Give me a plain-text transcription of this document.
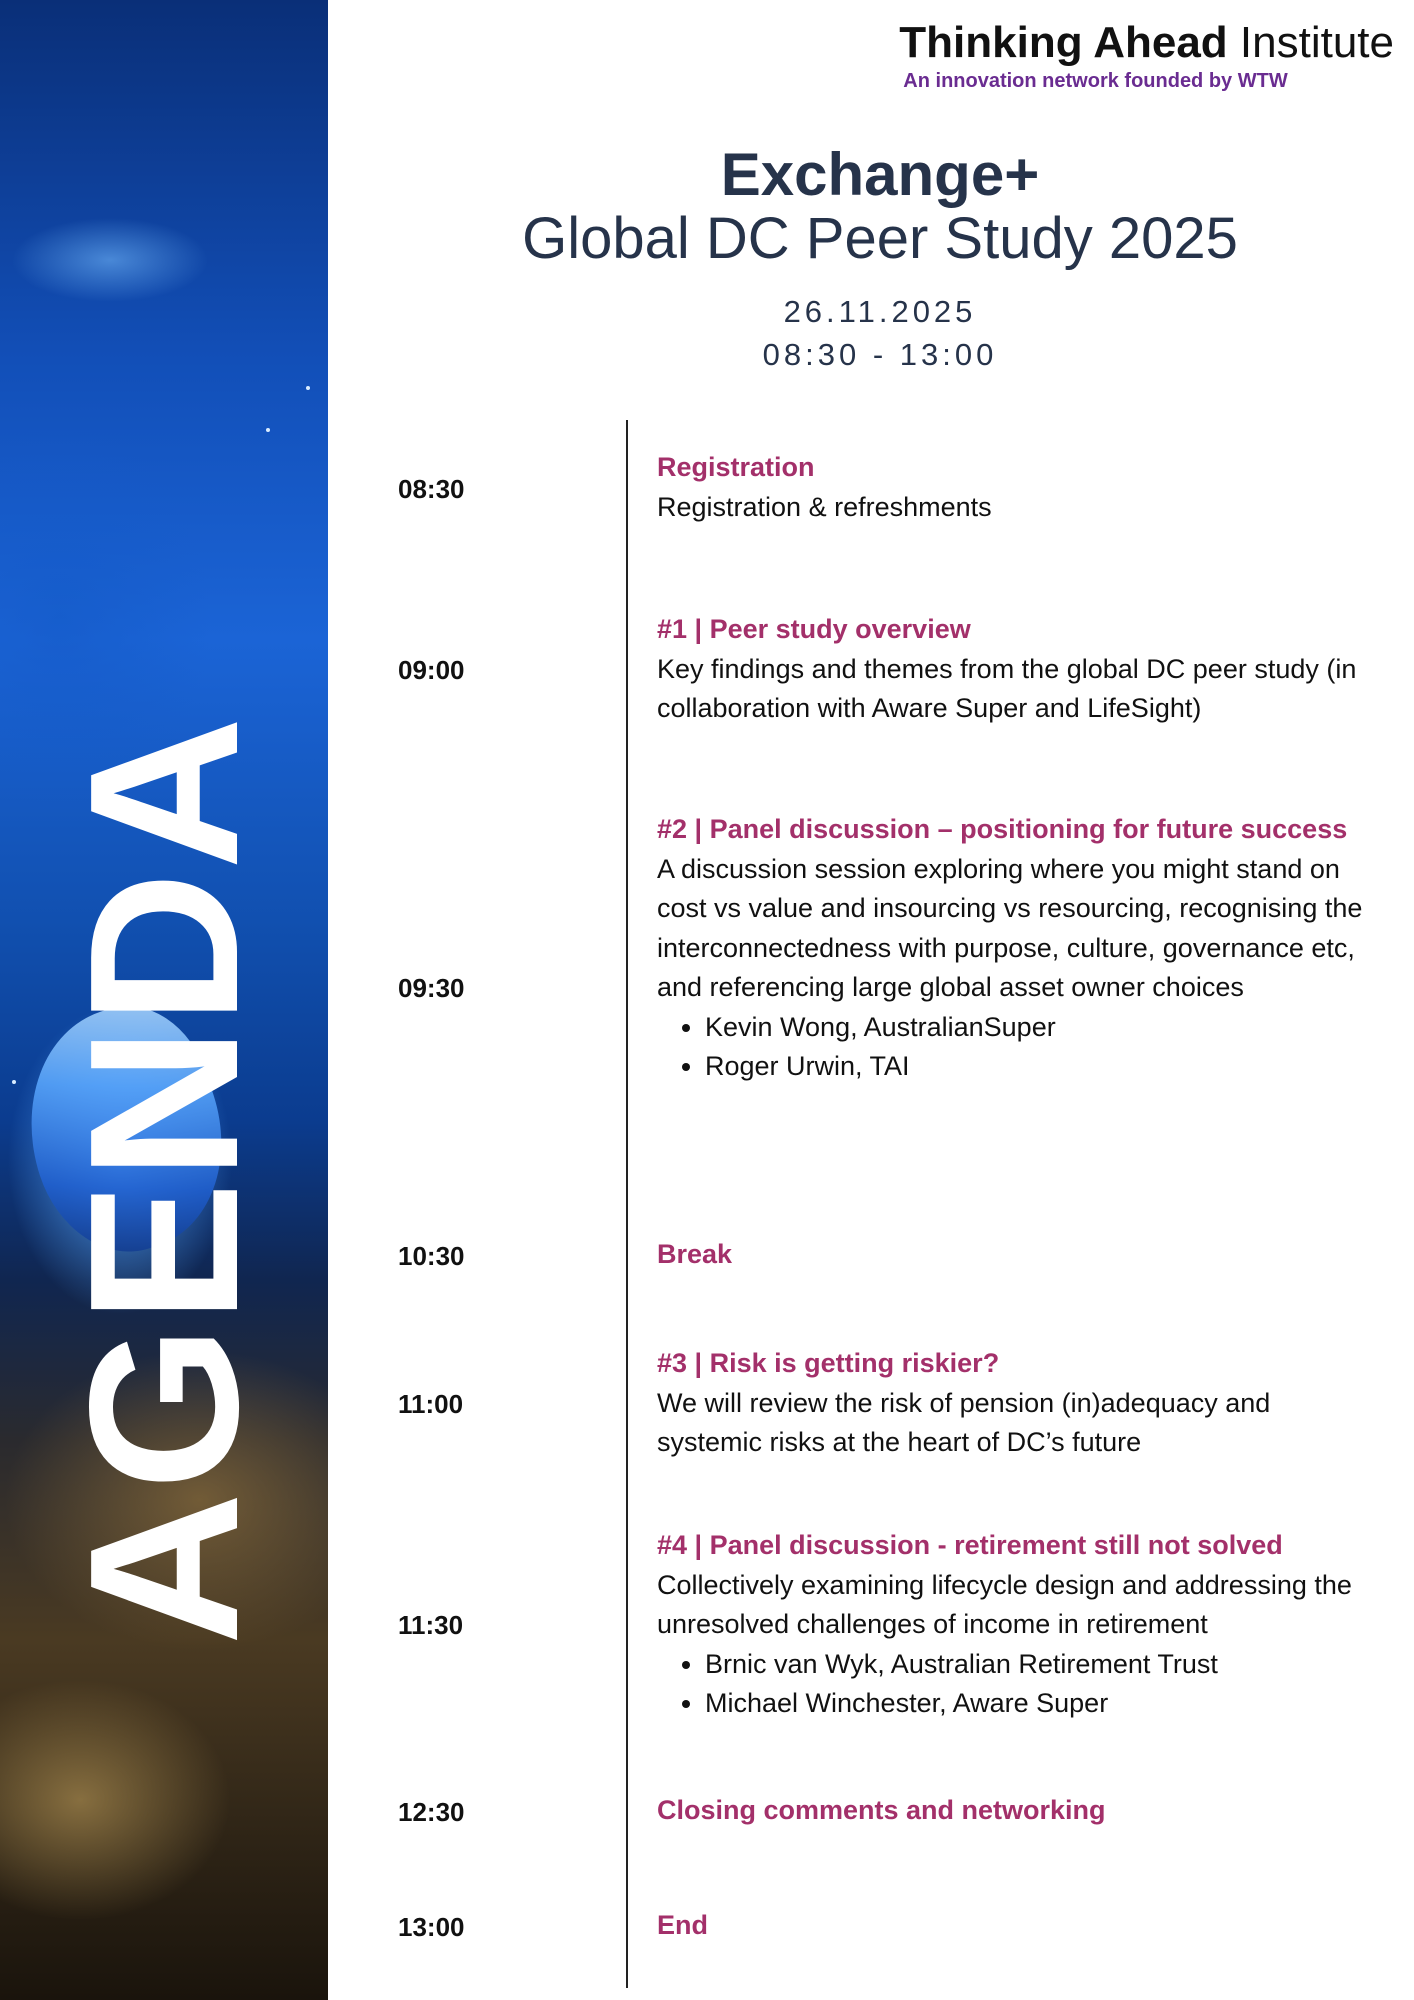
AGENDA
Thinking Ahead Institute
An innovation network founded by WTW
Exchange+
Global DC Peer Study 2025
26.11.2025
08:30 - 13:00
08:30
09:00
09:30
10:30
11:00
11:30
12:30
13:00
Registration
Registration & refreshments
#1 | Peer study overview
Key findings and themes from the global DC peer study (in collaboration with Aware Super and LifeSight)
#2 | Panel discussion – positioning for future success
A discussion session exploring where you might stand on cost vs value and insourcing vs resourcing, recognising the interconnectedness with purpose, culture, governance etc, and referencing large global asset owner choices
• Kevin Wong, AustralianSuper
• Roger Urwin, TAI
Break
#3 | Risk is getting riskier?
We will review the risk of pension (in)adequacy and systemic risks at the heart of DC’s future
#4 | Panel discussion - retirement still not solved
Collectively examining lifecycle design and addressing the unresolved challenges of income in retirement
• Brnic van Wyk, Australian Retirement Trust
• Michael Winchester, Aware Super
Closing comments and networking
End
